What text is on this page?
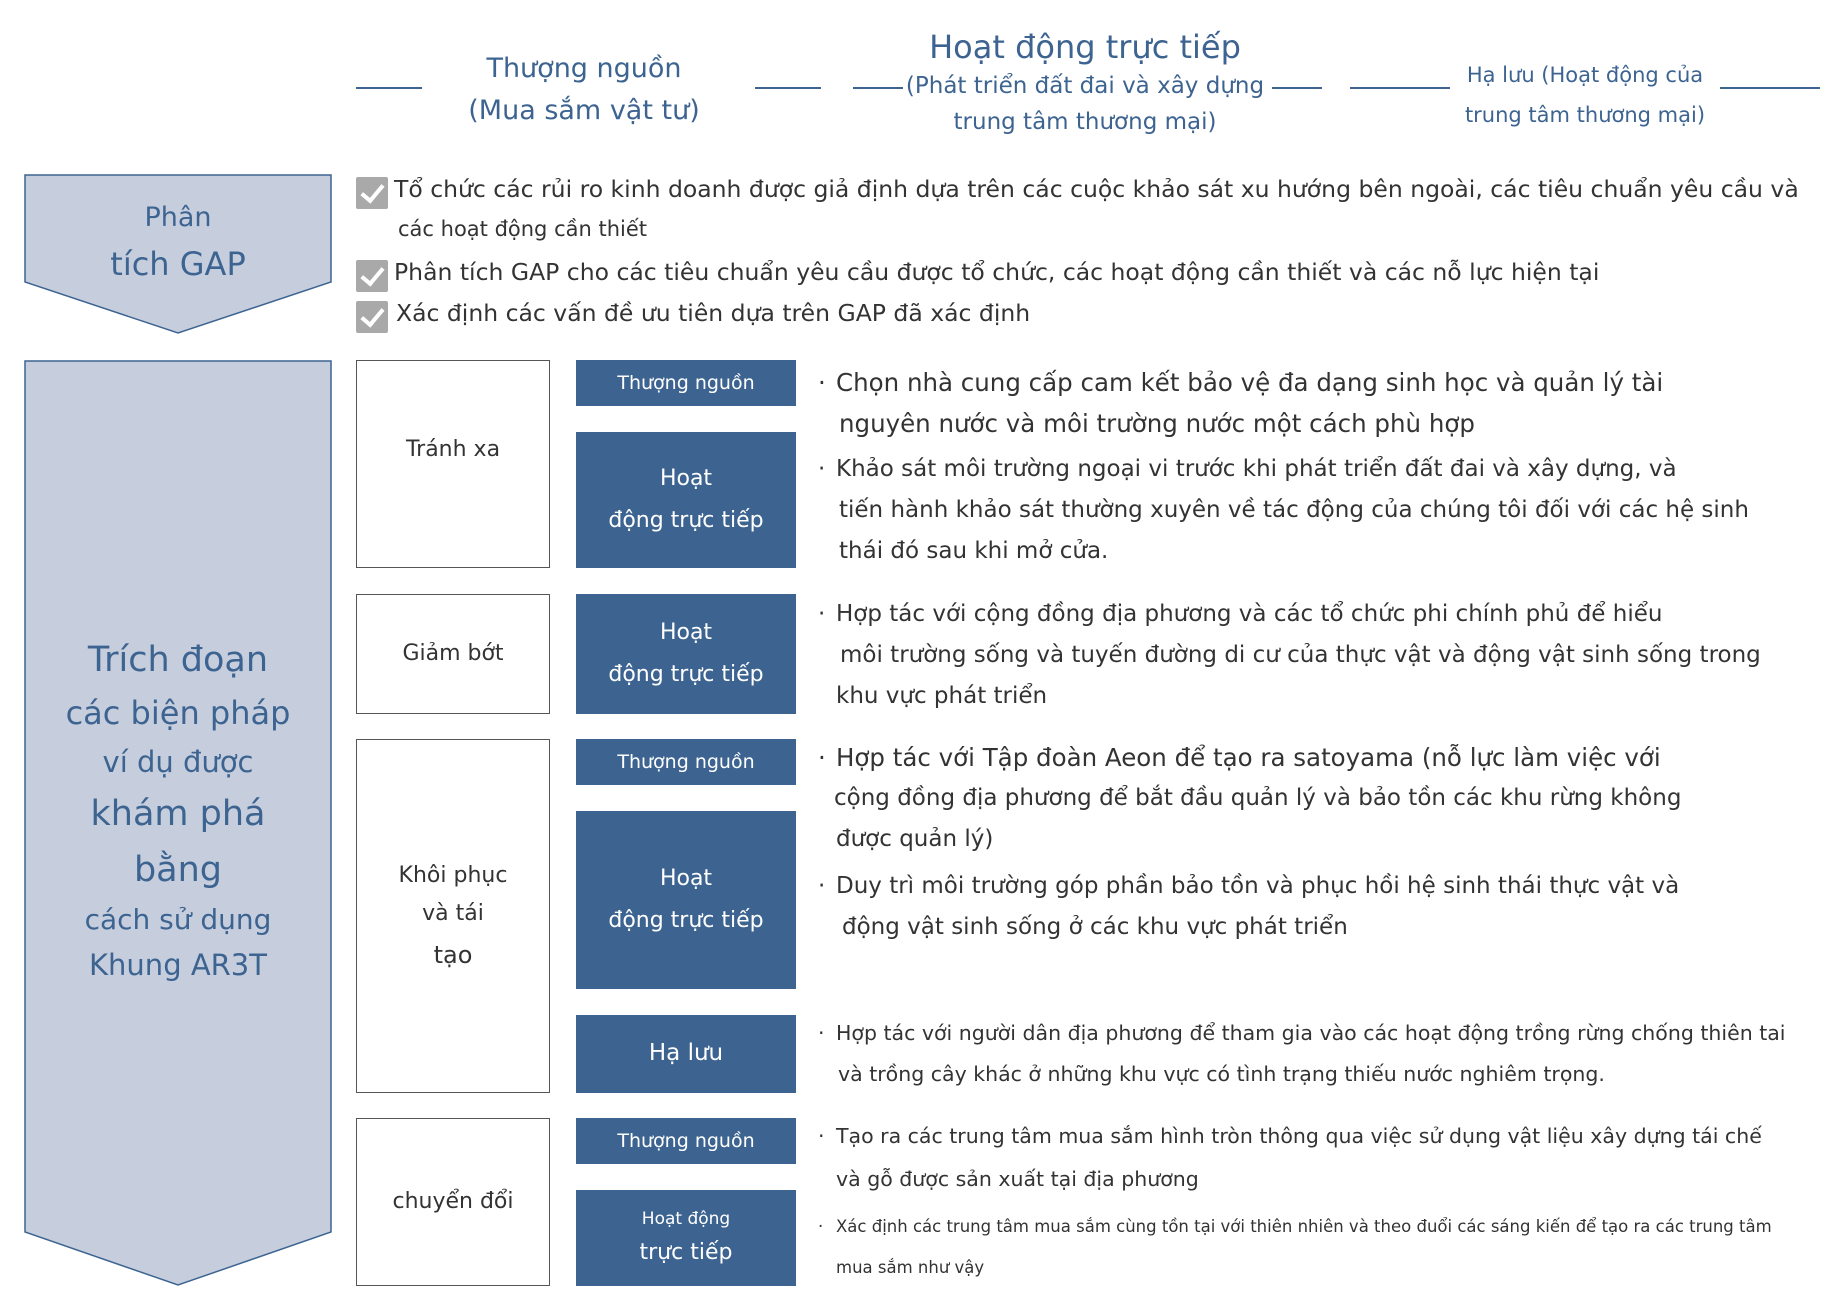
Thượng nguồn
(Mua sắm vật tư)
Hoạt động trực tiếp
(Phát triển đất đai và xây dựng
trung tâm thương mại)
Hạ lưu (Hoạt động của
trung tâm thương mại)
Phân
tích GAP
Tổ chức các rủi ro kinh doanh được giả định dựa trên các cuộc khảo sát xu hướng bên ngoài, các tiêu chuẩn yêu cầu và
các hoạt động cần thiết
Phân tích GAP cho các tiêu chuẩn yêu cầu được tổ chức, các hoạt động cần thiết và các nỗ lực hiện tại
Xác định các vấn đề ưu tiên dựa trên GAP đã xác định
Trích đoạn
các biện pháp
ví dụ được
khám phá
bằng
cách sử dụng
Khung AR3T
Tránh xa
Giảm bớt
Khôi phục
và tái
tạo
chuyển đổi
Thượng nguồn
Hoạt
động trực tiếp
Hoạt
động trực tiếp
Thượng nguồn
Hoạt
động trực tiếp
Hạ lưu
Thượng nguồn
Hoạt động
trực tiếp
· Chọn nhà cung cấp cam kết bảo vệ đa dạng sinh học và quản lý tài
nguyên nước và môi trường nước một cách phù hợp
· Khảo sát môi trường ngoại vi trước khi phát triển đất đai và xây dựng, và
tiến hành khảo sát thường xuyên về tác động của chúng tôi đối với các hệ sinh
thái đó sau khi mở cửa.
· Hợp tác với cộng đồng địa phương và các tổ chức phi chính phủ để hiểu
môi trường sống và tuyến đường di cư của thực vật và động vật sinh sống trong
khu vực phát triển
· Hợp tác với Tập đoàn Aeon để tạo ra satoyama (nỗ lực làm việc với
cộng đồng địa phương để bắt đầu quản lý và bảo tồn các khu rừng không
được quản lý)
· Duy trì môi trường góp phần bảo tồn và phục hồi hệ sinh thái thực vật và
động vật sinh sống ở các khu vực phát triển
· Hợp tác với người dân địa phương để tham gia vào các hoạt động trồng rừng chống thiên tai
và trồng cây khác ở những khu vực có tình trạng thiếu nước nghiêm trọng.
· Tạo ra các trung tâm mua sắm hình tròn thông qua việc sử dụng vật liệu xây dựng tái chế
và gỗ được sản xuất tại địa phương
· Xác định các trung tâm mua sắm cùng tồn tại với thiên nhiên và theo đuổi các sáng kiến để tạo ra các trung tâm
mua sắm như vậy
